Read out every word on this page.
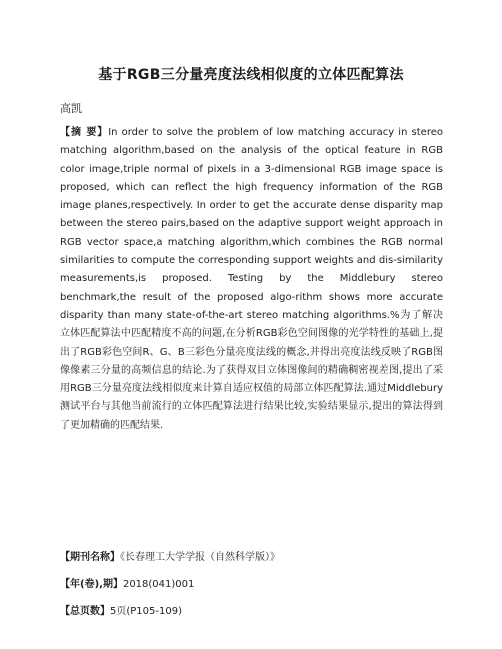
基于RGB三分量亮度法线相似度的立体匹配算法
高凯
【摘 要】In order to solve the problem of low matching accuracy in stereo matching algorithm,based on the analysis of the optical feature in RGB color image,triple normal of pixels in a 3-dimensional RGB image space is proposed, which can reflect the high frequency information of the RGB image planes,respectively. In order to get the accurate dense disparity map between the stereo pairs,based on the adaptive support weight approach in RGB vector space,a matching algorithm,which combines the RGB normal similarities to compute the corresponding support weights and dis-similarity measurements,is proposed. Testing by the Middlebury stereo benchmark,the result of the proposed algo-rithm shows more accurate disparity than many state-of-the-art stereo matching algorithms.%为了解决立体匹配算法中匹配精度不高的问题,在分析RGB彩色空间图像的光学特性的基础上,提出了RGB彩色空间R、G、B三彩色分量亮度法线的概念,并得出亮度法线反映了RGB图像像素三分量的高频信息的结论.为了获得双目立体图像间的精确稠密视差图,提出了采用RGB三分量亮度法线相似度来计算自适应权值的局部立体匹配算法.通过Middlebury测试平台与其他当前流行的立体匹配算法进行结果比较,实验结果显示,提出的算法得到了更加精确的匹配结果.
【期刊名称】《长春理工大学学报（自然科学版）》
【年(卷),期】2018(041)001
【总页数】5页(P105-109)
